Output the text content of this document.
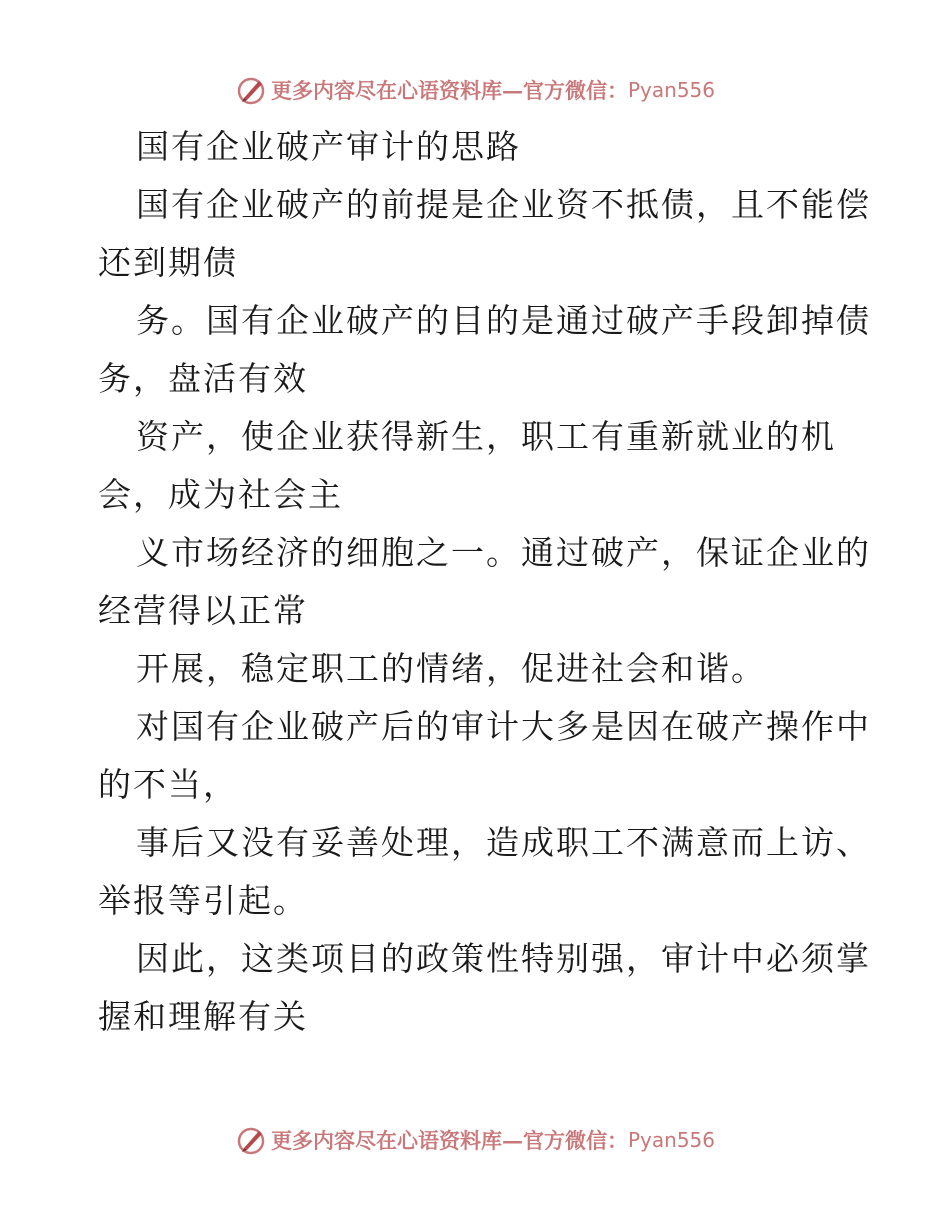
更多内容尽在心语资料库—官方微信： Pyan556
国有企业破产审计的思路
国有企业破产的前提是企业资不抵债，且不能偿
还到期债
务。国有企业破产的目的是通过破产手段卸掉债
务，盘活有效
资产，使企业获得新生，职工有重新就业的机
会，成为社会主
义市场经济的细胞之一。通过破产，保证企业的
经营得以正常
开展，稳定职工的情绪，促进社会和谐。
对国有企业破产后的审计大多是因在破产操作中
的不当，
事后又没有妥善处理，造成职工不满意而上访、
举报等引起。
因此，这类项目的政策性特别强，审计中必须掌
握和理解有关
更多内容尽在心语资料库—官方微信： Pyan556
